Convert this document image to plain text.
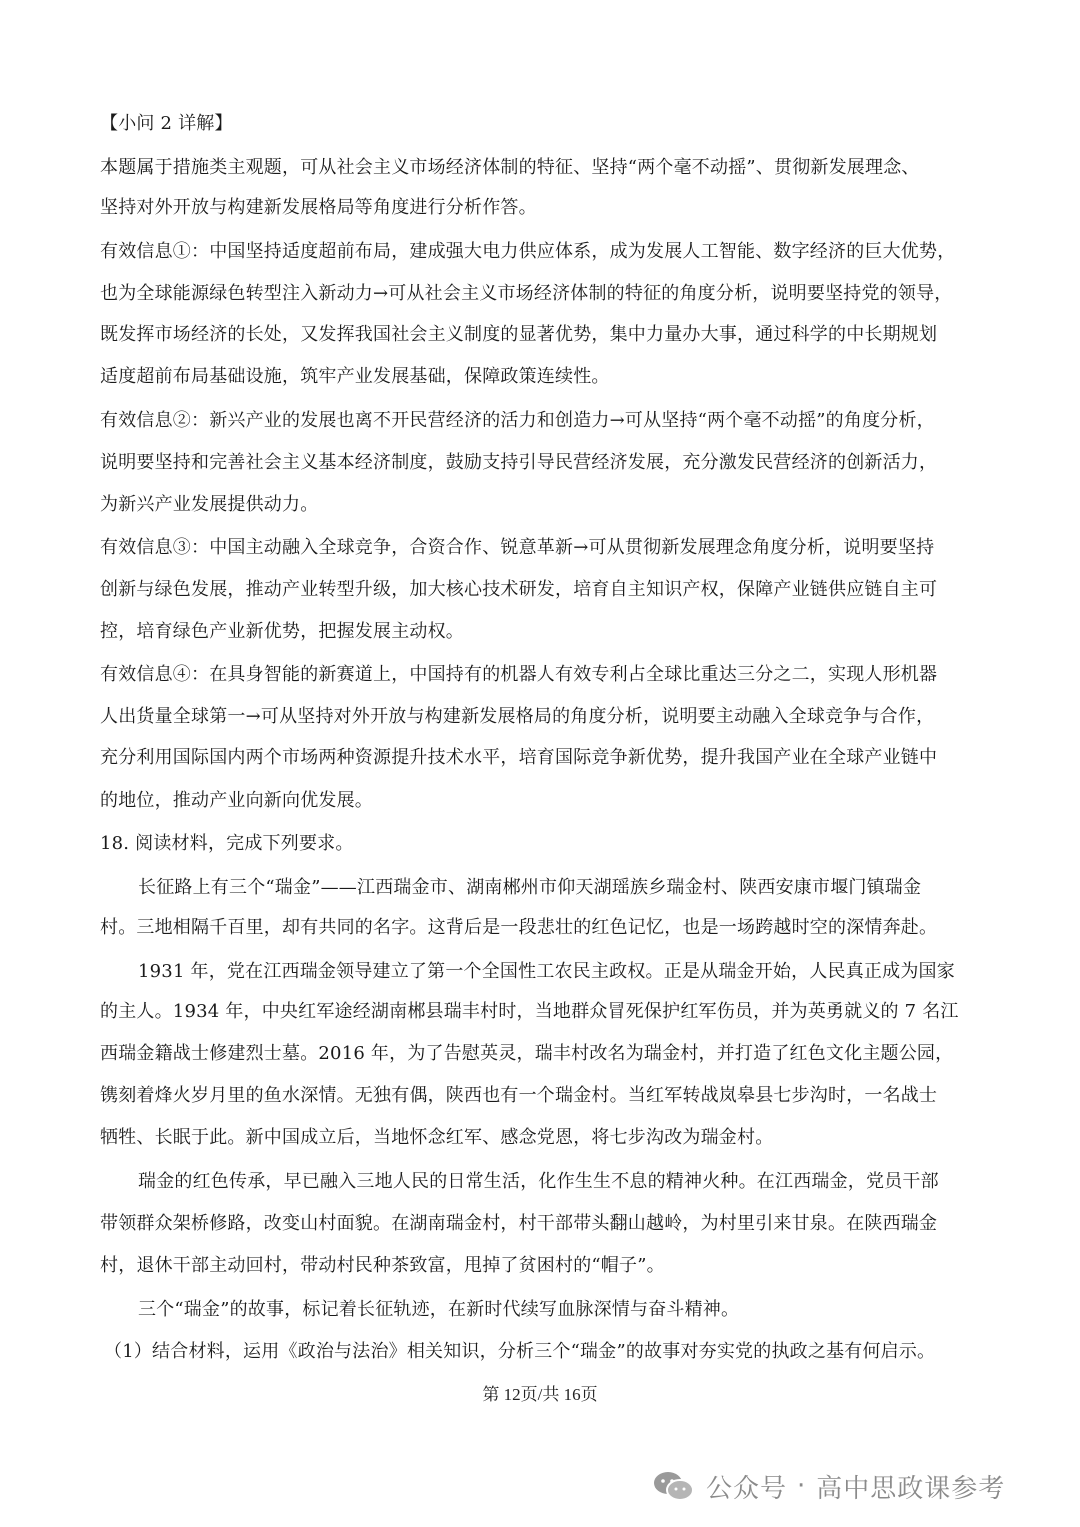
【小问 2 详解】
本题属于措施类主观题，可从社会主义市场经济体制的特征、坚持“两个毫不动摇”、贯彻新发展理念、
坚持对外开放与构建新发展格局等角度进行分析作答。
有效信息①：中国坚持适度超前布局，建成强大电力供应体系，成为发展人工智能、数字经济的巨大优势，
也为全球能源绿色转型注入新动力→可从社会主义市场经济体制的特征的角度分析，说明要坚持党的领导，
既发挥市场经济的长处，又发挥我国社会主义制度的显著优势，集中力量办大事，通过科学的中长期规划
适度超前布局基础设施，筑牢产业发展基础，保障政策连续性。
有效信息②：新兴产业的发展也离不开民营经济的活力和创造力→可从坚持“两个毫不动摇”的角度分析，
说明要坚持和完善社会主义基本经济制度，鼓励支持引导民营经济发展，充分激发民营经济的创新活力，
为新兴产业发展提供动力。
有效信息③：中国主动融入全球竞争，合资合作、锐意革新→可从贯彻新发展理念角度分析，说明要坚持
创新与绿色发展，推动产业转型升级，加大核心技术研发，培育自主知识产权，保障产业链供应链自主可
控，培育绿色产业新优势，把握发展主动权。
有效信息④：在具身智能的新赛道上，中国持有的机器人有效专利占全球比重达三分之二，实现人形机器
人出货量全球第一→可从坚持对外开放与构建新发展格局的角度分析，说明要主动融入全球竞争与合作，
充分利用国际国内两个市场两种资源提升技术水平，培育国际竞争新优势，提升我国产业在全球产业链中
的地位，推动产业向新向优发展。
18. 阅读材料，完成下列要求。
长征路上有三个“瑞金”——江西瑞金市、湖南郴州市仰天湖瑶族乡瑞金村、陕西安康市堰门镇瑞金
村。三地相隔千百里，却有共同的名字。这背后是一段悲壮的红色记忆，也是一场跨越时空的深情奔赴。
1931 年，党在江西瑞金领导建立了第一个全国性工农民主政权。正是从瑞金开始，人民真正成为国家
的主人。1934 年，中央红军途经湖南郴县瑞丰村时，当地群众冒死保护红军伤员，并为英勇就义的 7 名江
西瑞金籍战士修建烈士墓。2016 年，为了告慰英灵，瑞丰村改名为瑞金村，并打造了红色文化主题公园，
镌刻着烽火岁月里的鱼水深情。无独有偶，陕西也有一个瑞金村。当红军转战岚皋县七步沟时，一名战士
牺牲、长眠于此。新中国成立后，当地怀念红军、感念党恩，将七步沟改为瑞金村。
瑞金的红色传承，早已融入三地人民的日常生活，化作生生不息的精神火种。在江西瑞金，党员干部
带领群众架桥修路，改变山村面貌。在湖南瑞金村，村干部带头翻山越岭，为村里引来甘泉。在陕西瑞金
村，退休干部主动回村，带动村民种茶致富，甩掉了贫困村的“帽子”。
三个“瑞金”的故事，标记着长征轨迹，在新时代续写血脉深情与奋斗精神。
（1）结合材料，运用《政治与法治》相关知识，分析三个“瑞金”的故事对夯实党的执政之基有何启示。
第 12页/共 16页
公众号 · 高中思政课参考
